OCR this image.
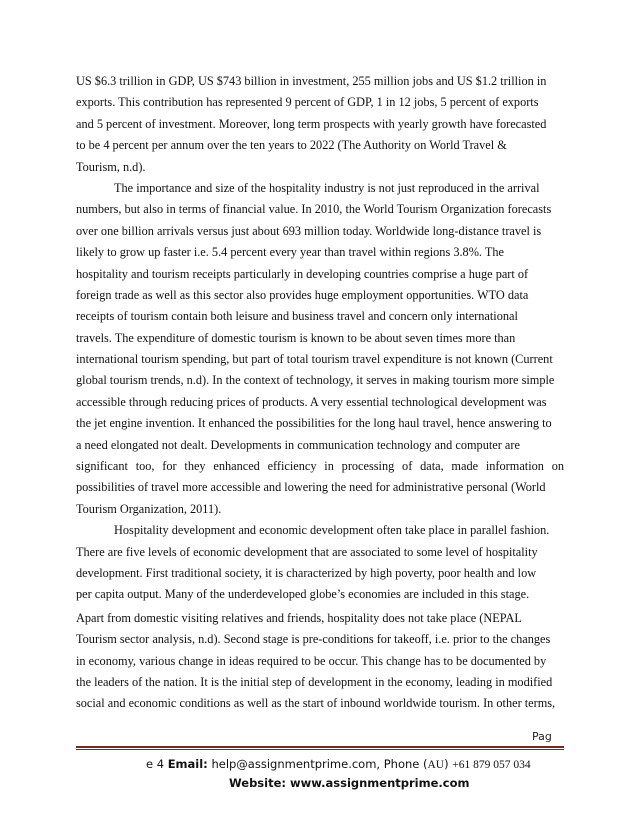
US $6.3 trillion in GDP, US $743 billion in investment, 255 million jobs and US $1.2 trillion in
exports. This contribution has represented 9 percent of GDP, 1 in 12 jobs, 5 percent of exports
and 5 percent of investment. Moreover, long term prospects with yearly growth have forecasted
to be 4 percent per annum over the ten years to 2022 (The Authority on World Travel &
Tourism, n.d).
The importance and size of the hospitality industry is not just reproduced in the arrival
numbers, but also in terms of financial value. In 2010, the World Tourism Organization forecasts
over one billion arrivals versus just about 693 million today. Worldwide long-distance travel is
likely to grow up faster i.e. 5.4 percent every year than travel within regions 3.8%. The
hospitality and tourism receipts particularly in developing countries comprise a huge part of
foreign trade as well as this sector also provides huge employment opportunities. WTO data
receipts of tourism contain both leisure and business travel and concern only international
travels. The expenditure of domestic tourism is known to be about seven times more than
international tourism spending, but part of total tourism travel expenditure is not known (Current
global tourism trends, n.d). In the context of technology, it serves in making tourism more simple
accessible through reducing prices of products. A very essential technological development was
the jet engine invention. It enhanced the possibilities for the long haul travel, hence answering to
a need elongated not dealt. Developments in communication technology and computer are
significant too, for they enhanced efficiency in processing of data, made information on
possibilities of travel more accessible and lowering the need for administrative personal (World
Tourism Organization, 2011).
Hospitality development and economic development often take place in parallel fashion.
There are five levels of economic development that are associated to some level of hospitality
development. First traditional society, it is characterized by high poverty, poor health and low
per capita output. Many of the underdeveloped globe’s economies are included in this stage.
Apart from domestic visiting relatives and friends, hospitality does not take place (NEPAL
Tourism sector analysis, n.d). Second stage is pre-conditions for takeoff, i.e. prior to the changes
in economy, various change in ideas required to be occur. This change has to be documented by
the leaders of the nation. It is the initial step of development in the economy, leading in modified
social and economic conditions as well as the start of inbound worldwide tourism. In other terms,
Pag
e 4 Email: help@assignmentprime.com, Phone (AU) +61 879 057 034
Website: www.assignmentprime.com
